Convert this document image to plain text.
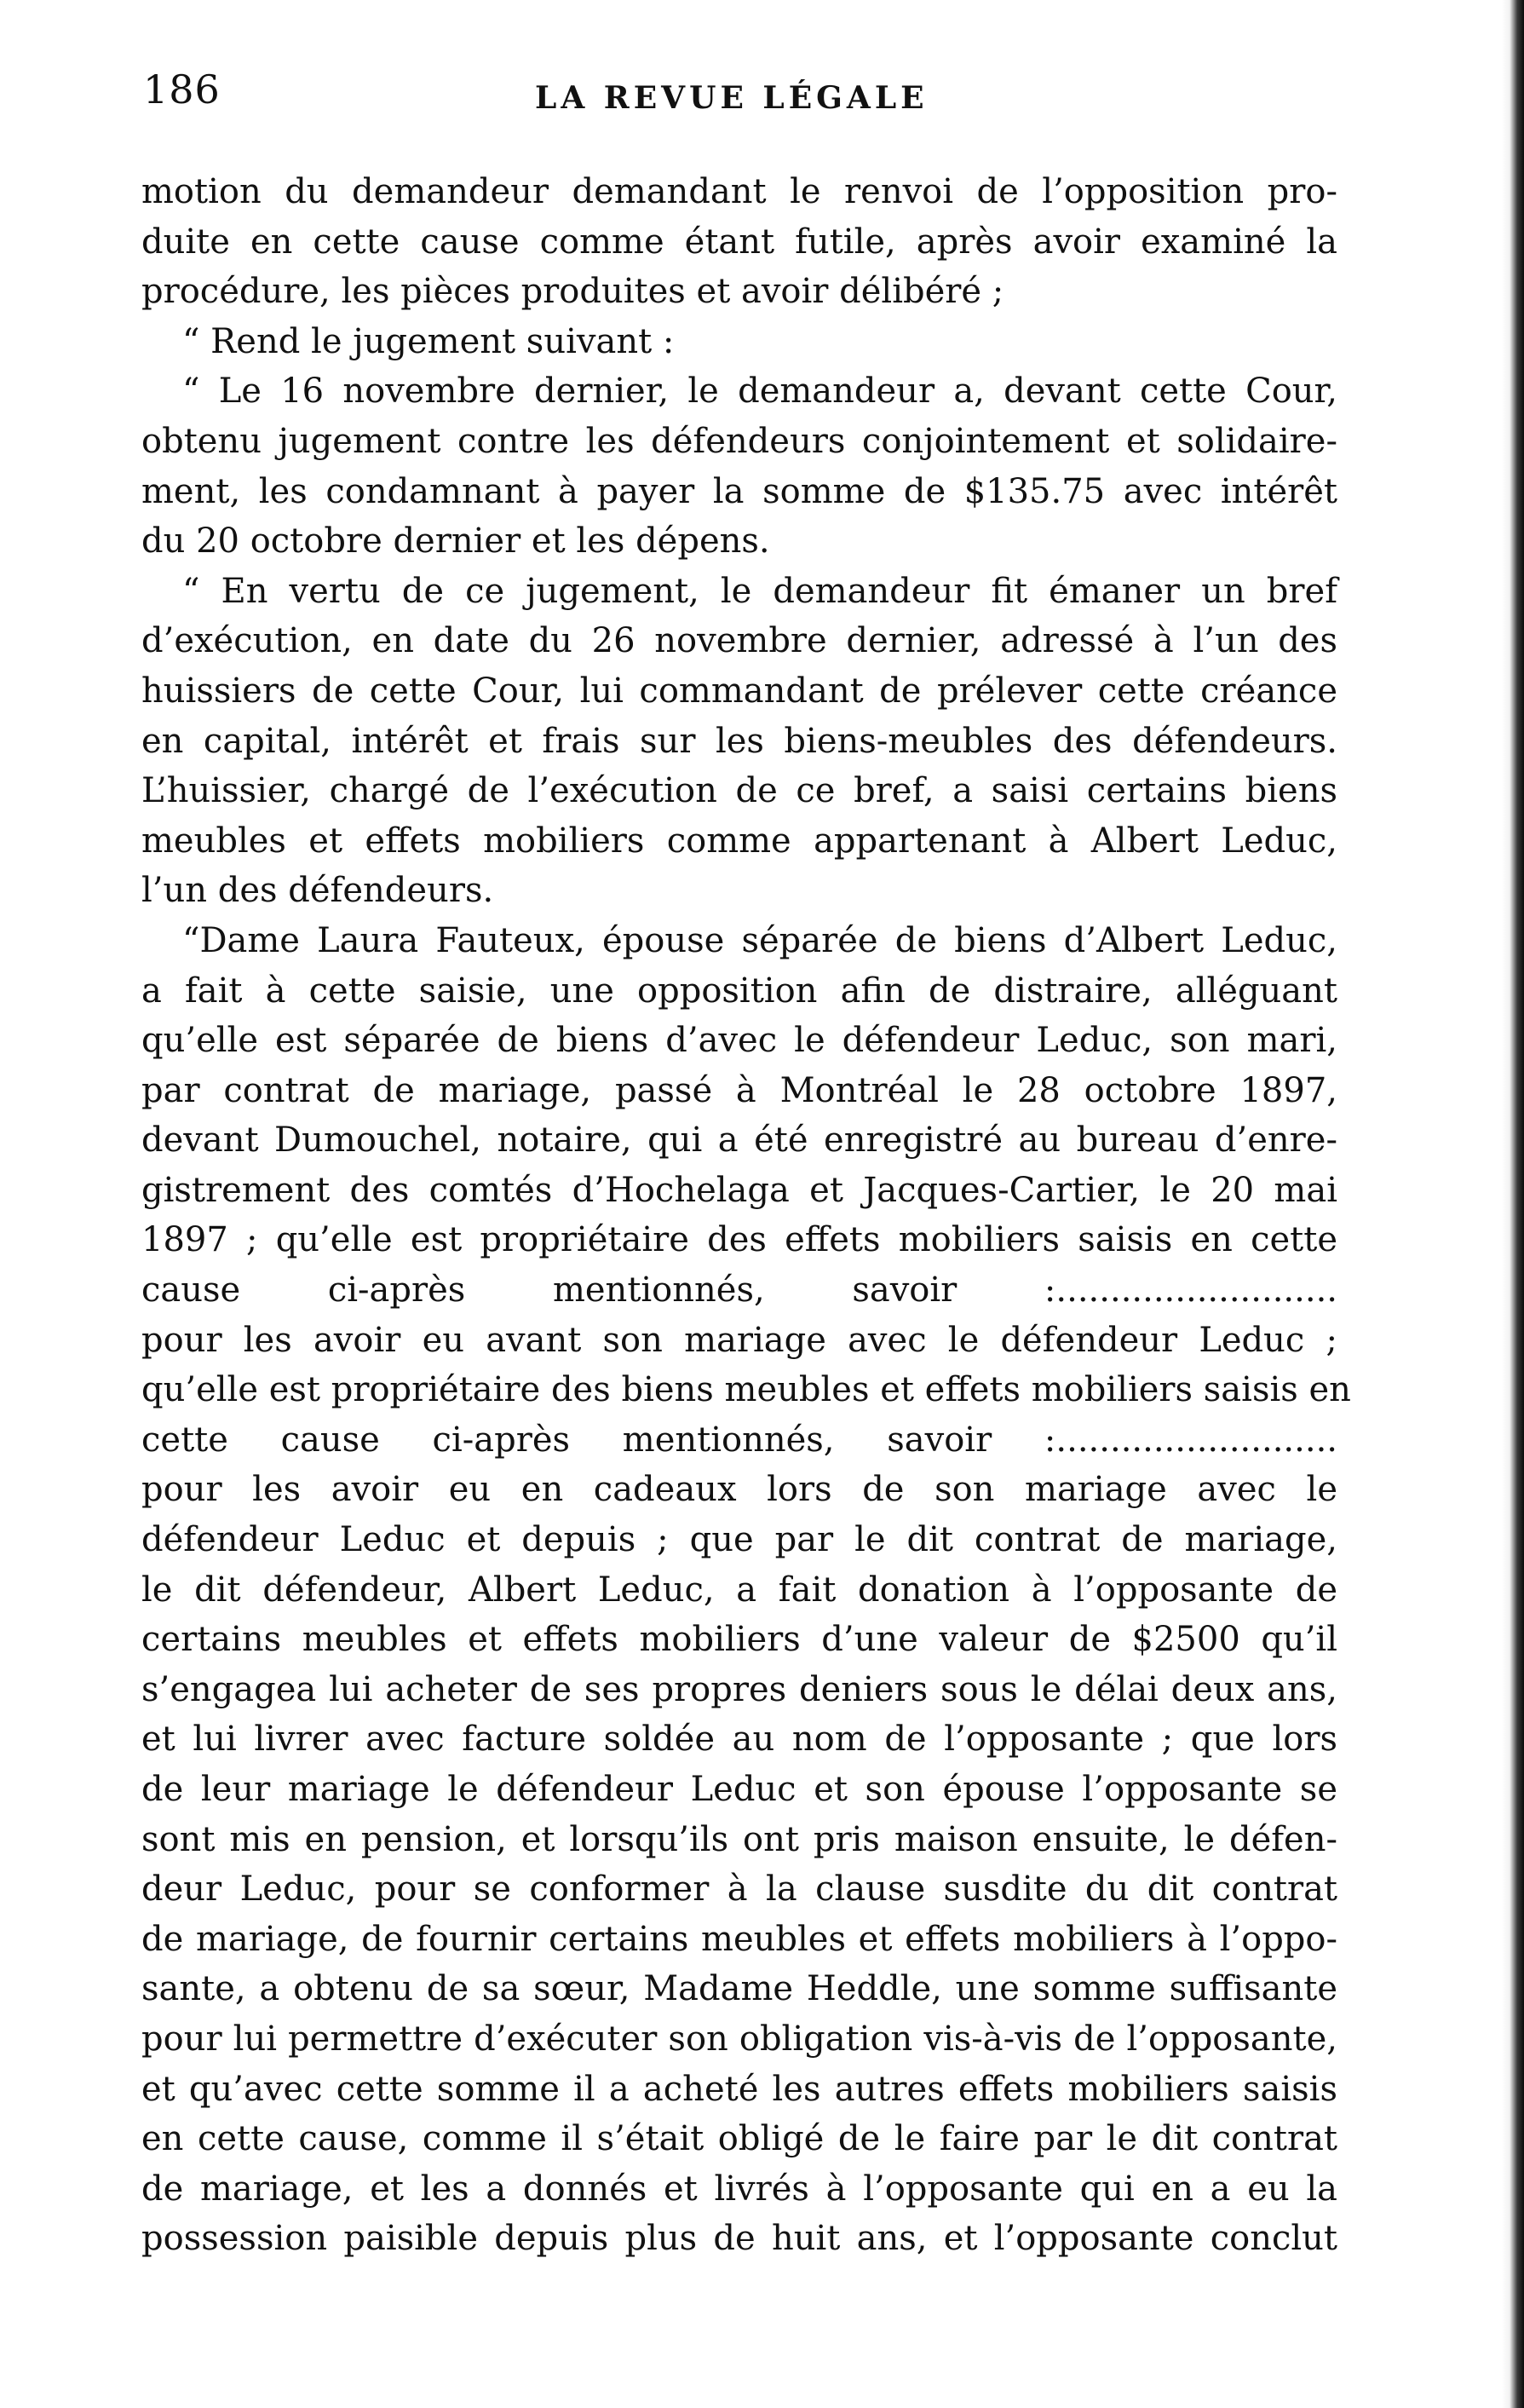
186	LA REVUE LÉGALE
motion du demandeur demandant le renvoi de l’opposition pro-
duite en cette cause comme étant futile, après avoir examiné la
procédure, les pièces produites et avoir délibéré ;
“ Rend le jugement suivant :
“ Le 16 novembre dernier, le demandeur a, devant cette Cour,
obtenu jugement contre les défendeurs conjointement et solidaire-
ment, les condamnant à payer la somme de $135.75 avec intérêt
du 20 octobre dernier et les dépens.
“ En vertu de ce jugement, le demandeur fit émaner un bref
d’exécution, en date du 26 novembre dernier, adressé à l’un des
huissiers de cette Cour, lui commandant de prélever cette créance
en capital, intérêt et frais sur les biens-meubles des défendeurs.
L’huissier, chargé de l’exécution de ce bref, a saisi certains biens
meubles et effets mobiliers comme appartenant à Albert Leduc,
l’un des défendeurs.
“Dame Laura Fauteux, épouse séparée de biens d’Albert Leduc,
a fait à cette saisie, une opposition afin de distraire, alléguant
qu’elle est séparée de biens d’avec le défendeur Leduc, son mari,
par contrat de mariage, passé à Montréal le 28 octobre 1897,
devant Dumouchel, notaire, qui a été enregistré au bureau d’enre-
gistrement des comtés d’Hochelaga et Jacques-Cartier, le 20 mai
1897 ; qu’elle est propriétaire des effets mobiliers saisis en cette
cause ci-après mentionnés, savoir :..........................
pour les avoir eu avant son mariage avec le défendeur Leduc ;
qu’elle est propriétaire des biens meubles et effets mobiliers saisis en
cette cause ci-après mentionnés, savoir :..........................
pour les avoir eu en cadeaux lors de son mariage avec le
défendeur Leduc et depuis ; que par le dit contrat de mariage,
le dit défendeur, Albert Leduc, a fait donation à l’opposante de
certains meubles et effets mobiliers d’une valeur de $2500 qu’il
s’engagea lui acheter de ses propres deniers sous le délai deux ans,
et lui livrer avec facture soldée au nom de l’opposante ; que lors
de leur mariage le défendeur Leduc et son épouse l’opposante se
sont mis en pension, et lorsqu’ils ont pris maison ensuite, le défen-
deur Leduc, pour se conformer à la clause susdite du dit contrat
de mariage, de fournir certains meubles et effets mobiliers à l’oppo-
sante, a obtenu de sa sœur, Madame Heddle, une somme suffisante
pour lui permettre d’exécuter son obligation vis-à-vis de l’opposante,
et qu’avec cette somme il a acheté les autres effets mobiliers saisis
en cette cause, comme il s’était obligé de le faire par le dit contrat
de mariage, et les a donnés et livrés à l’opposante qui en a eu la
possession paisible depuis plus de huit ans, et l’opposante conclut
